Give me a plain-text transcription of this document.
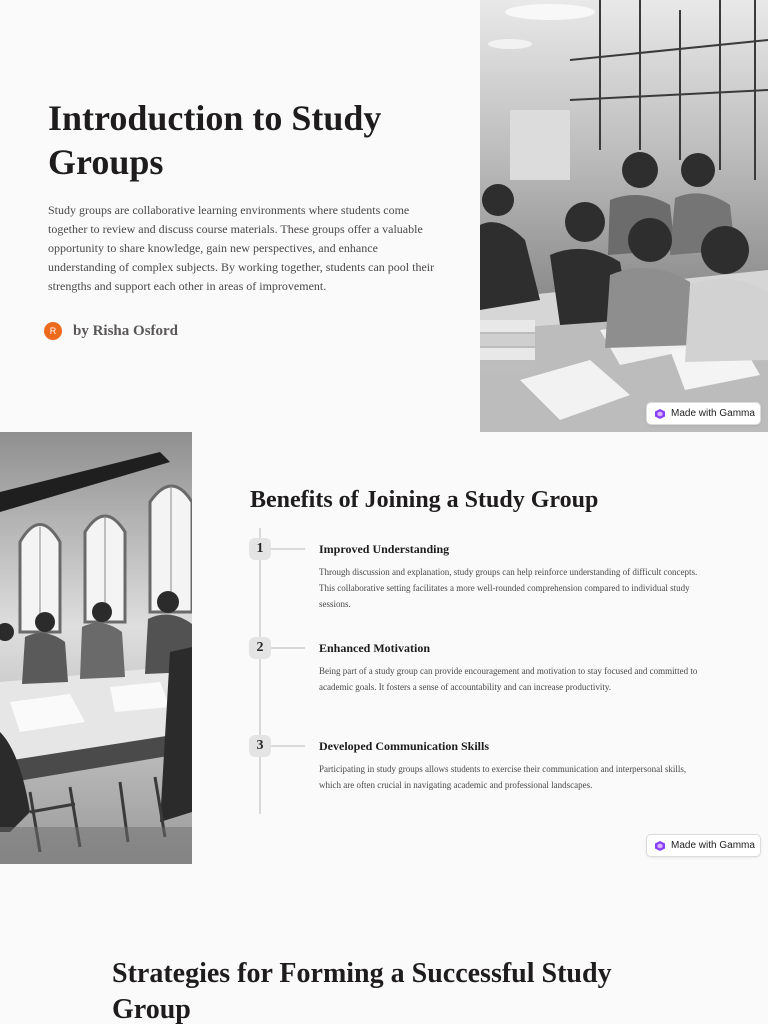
Introduction to Study Groups

Study groups are collaborative learning environments where students come together to review and discuss course materials. These groups offer a valuable opportunity to share knowledge, gain new perspectives, and enhance understanding of complex subjects. By working together, students can pool their strengths and support each other in areas of improvement.

R	by Risha Osford
Made with Gamma
Benefits of Joining a Study Group
1	Improved Understanding
Through discussion and explanation, study groups can help reinforce understanding of difficult concepts. This collaborative setting facilitates a more well-rounded comprehension compared to individual study sessions.
2	Enhanced Motivation
Being part of a study group can provide encouragement and motivation to stay focused and committed to academic goals. It fosters a sense of accountability and can increase productivity.
3	Developed Communication Skills
Participating in study groups allows students to exercise their communication and interpersonal skills, which are often crucial in navigating academic and professional landscapes.
Made with Gamma
Strategies for Forming a Successful Study Group
